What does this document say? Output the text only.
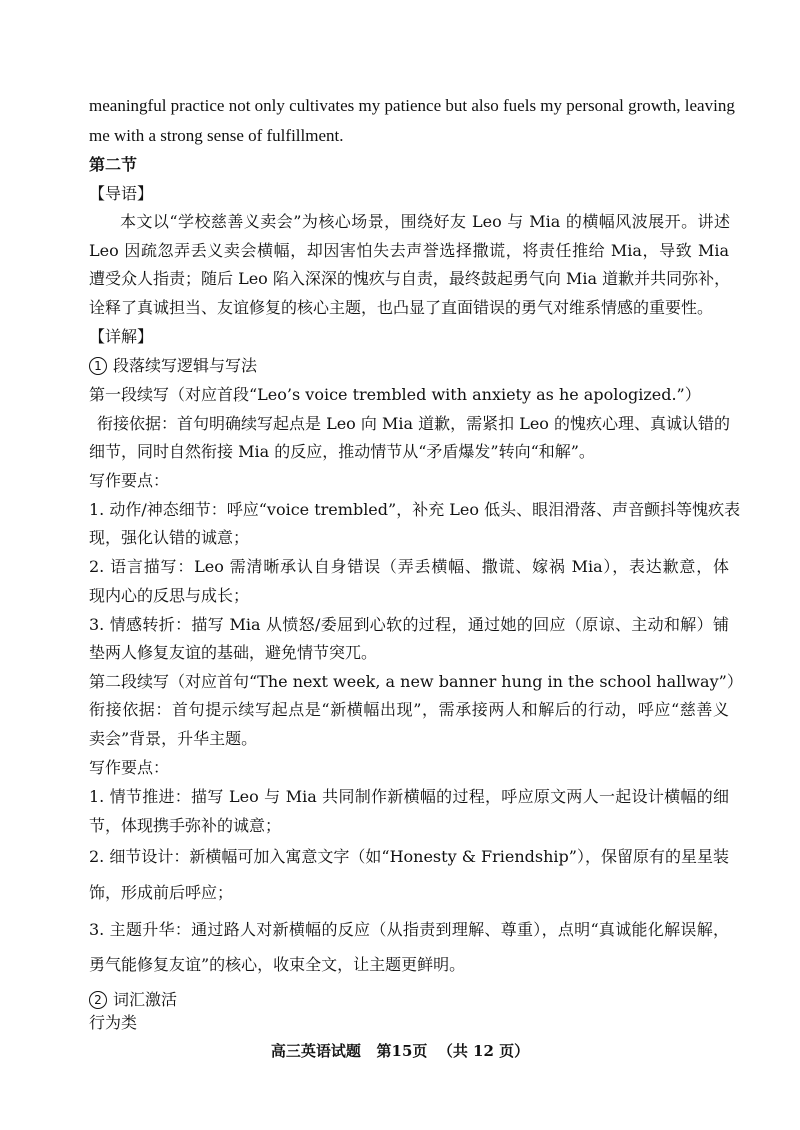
meaningful practice not only cultivates my patience but also fuels my personal growth, leaving
me with a strong sense of fulfillment.
第二节
【导语】
本文以“学校慈善义卖会”为核心场景，围绕好友 Leo 与 Mia 的横幅风波展开。讲述
Leo 因疏忽弄丢义卖会横幅，却因害怕失去声誉选择撒谎，将责任推给 Mia，导致 Mia
遭受众人指责；随后 Leo 陷入深深的愧疚与自责，最终鼓起勇气向 Mia 道歉并共同弥补，
诠释了真诚担当、友谊修复的核心主题，也凸显了直面错误的勇气对维系情感的重要性。
【详解】
1 段落续写逻辑与写法
第一段续写（对应首段“Leo’s voice trembled with anxiety as he apologized.”）
衔接依据：首句明确续写起点是 Leo 向 Mia 道歉，需紧扣 Leo 的愧疚心理、真诚认错的
细节，同时自然衔接 Mia 的反应，推动情节从“矛盾爆发”转向“和解”。
写作要点：
1. 动作/神态细节：呼应“voice trembled”，补充 Leo 低头、眼泪滑落、声音颤抖等愧疚表
现，强化认错的诚意；
2. 语言描写：Leo 需清晰承认自身错误（弄丢横幅、撒谎、嫁祸 Mia），表达歉意，体
现内心的反思与成长；
3. 情感转折：描写 Mia 从愤怒/委屈到心软的过程，通过她的回应（原谅、主动和解）铺
垫两人修复友谊的基础，避免情节突兀。
第二段续写（对应首句“The next week, a new banner hung in the school hallway”）
衔接依据：首句提示续写起点是“新横幅出现”，需承接两人和解后的行动，呼应“慈善义
卖会”背景，升华主题。
写作要点：
1. 情节推进：描写 Leo 与 Mia 共同制作新横幅的过程，呼应原文两人一起设计横幅的细
节，体现携手弥补的诚意；
2. 细节设计：新横幅可加入寓意文字（如“Honesty & Friendship”），保留原有的星星装
饰，形成前后呼应；
3. 主题升华：通过路人对新横幅的反应（从指责到理解、尊重），点明“真诚能化解误解，
勇气能修复友谊”的核心，收束全文，让主题更鲜明。
2 词汇激活
行为类
高三英语试题   第15页  （共 12 页）
